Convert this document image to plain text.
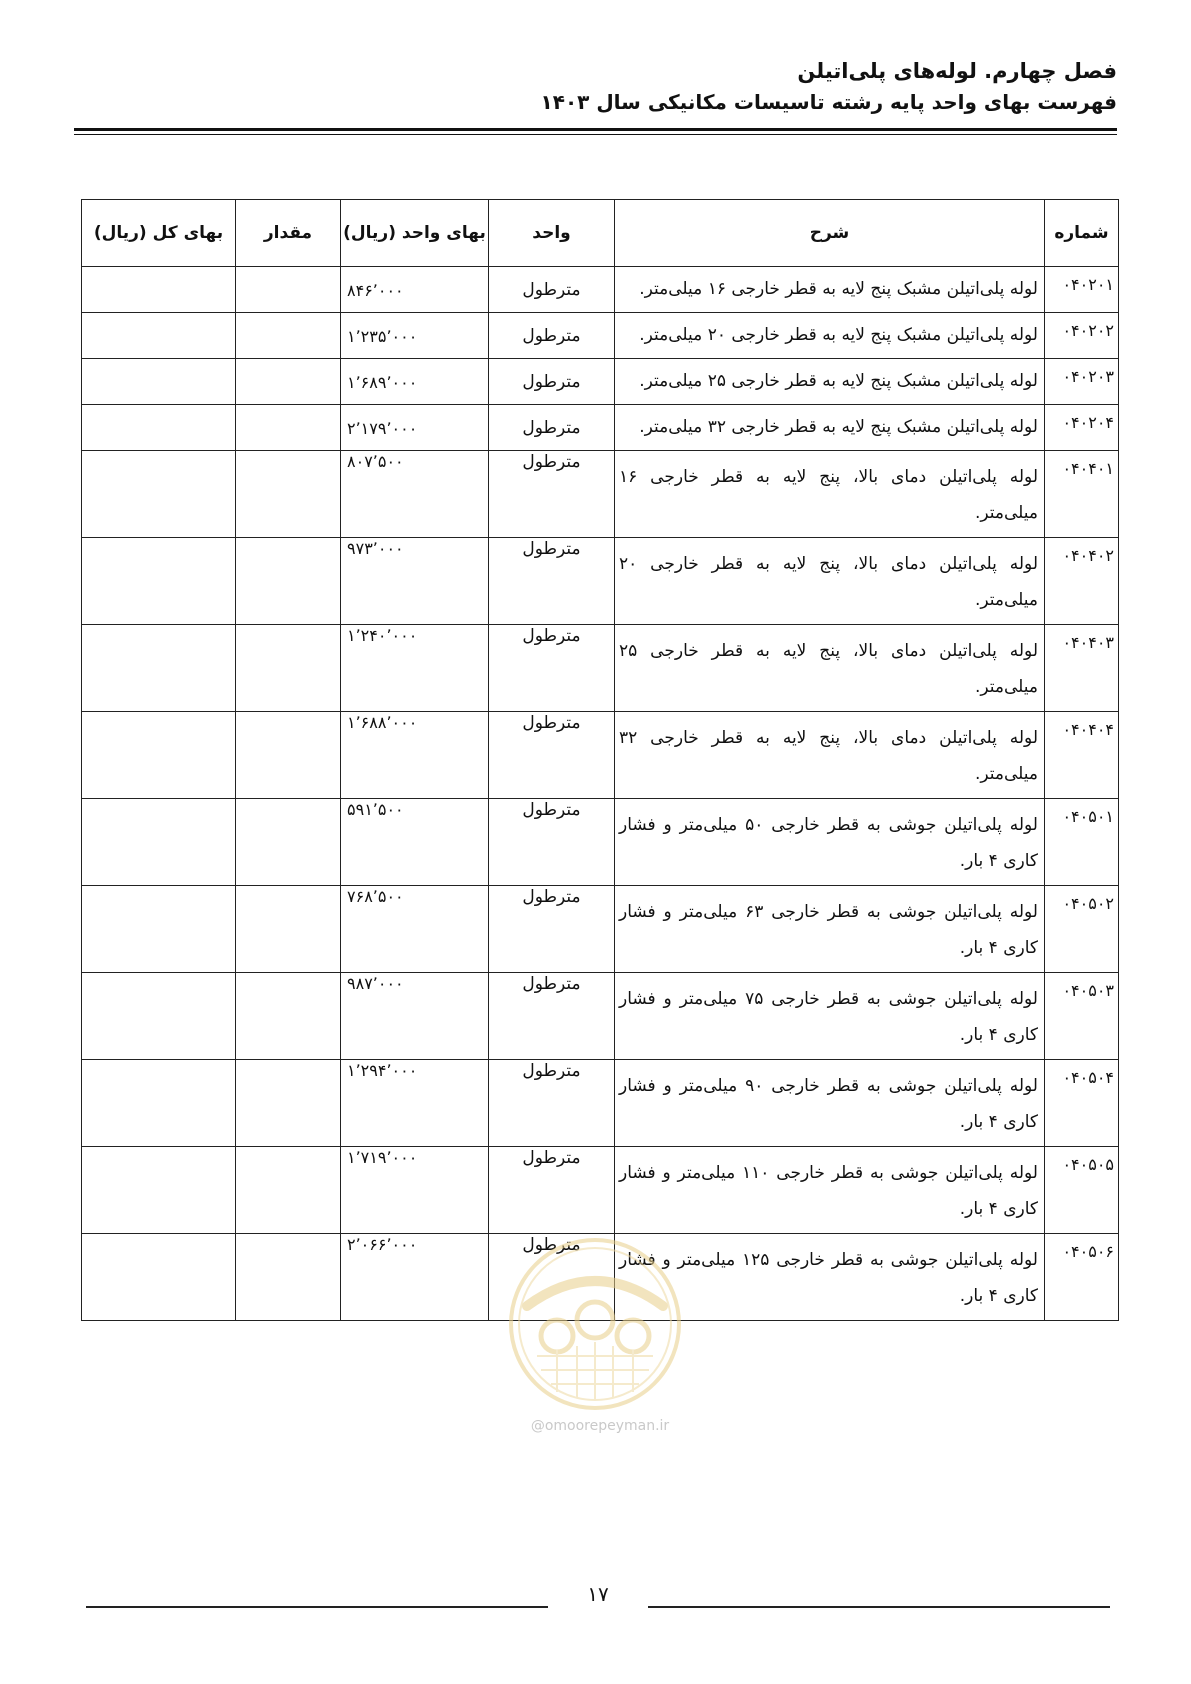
فصل چهارم. لوله‌های پلی‌اتیلن
فهرست بهای واحد پایه رشته تاسیسات مکانیکی سال ۱۴۰۳
شماره	شرح	واحد	بهای واحد (ریال)	مقدار	بهای کل (ریال)
۰۴۰۲۰۱	لوله پلی‌اتیلن مشبک پنج لایه به قطر خارجی ۱۶ میلی‌متر.	مترطول	۸۴۶٬۰۰۰		
۰۴۰۲۰۲	لوله پلی‌اتیلن مشبک پنج لایه به قطر خارجی ۲۰ میلی‌متر.	مترطول	۱٬۲۳۵٬۰۰۰		
۰۴۰۲۰۳	لوله پلی‌اتیلن مشبک پنج لایه به قطر خارجی ۲۵ میلی‌متر.	مترطول	۱٬۶۸۹٬۰۰۰		
۰۴۰۲۰۴	لوله پلی‌اتیلن مشبک پنج لایه به قطر خارجی ۳۲ میلی‌متر.	مترطول	۲٬۱۷۹٬۰۰۰		
۰۴۰۴۰۱	لوله پلی‌اتیلن دمای بالا، پنج لایه به قطر خارجی ۱۶ میلی‌متر.	مترطول	۸۰۷٬۵۰۰		
۰۴۰۴۰۲	لوله پلی‌اتیلن دمای بالا، پنج لایه به قطر خارجی ۲۰ میلی‌متر.	مترطول	۹۷۳٬۰۰۰		
۰۴۰۴۰۳	لوله پلی‌اتیلن دمای بالا، پنج لایه به قطر خارجی ۲۵ میلی‌متر.	مترطول	۱٬۲۴۰٬۰۰۰		
۰۴۰۴۰۴	لوله پلی‌اتیلن دمای بالا، پنج لایه به قطر خارجی ۳۲ میلی‌متر.	مترطول	۱٬۶۸۸٬۰۰۰		
۰۴۰۵۰۱	لوله پلی‌اتیلن جوشی به قطر خارجی ۵۰ میلی‌متر و فشار کاری ۴ بار.	مترطول	۵۹۱٬۵۰۰		
۰۴۰۵۰۲	لوله پلی‌اتیلن جوشی به قطر خارجی ۶۳ میلی‌متر و فشار کاری ۴ بار.	مترطول	۷۶۸٬۵۰۰		
۰۴۰۵۰۳	لوله پلی‌اتیلن جوشی به قطر خارجی ۷۵ میلی‌متر و فشار کاری ۴ بار.	مترطول	۹۸۷٬۰۰۰		
۰۴۰۵۰۴	لوله پلی‌اتیلن جوشی به قطر خارجی ۹۰ میلی‌متر و فشار کاری ۴ بار.	مترطول	۱٬۲۹۴٬۰۰۰		
۰۴۰۵۰۵	لوله پلی‌اتیلن جوشی به قطر خارجی ۱۱۰ میلی‌متر و فشار کاری ۴ بار.	مترطول	۱٬۷۱۹٬۰۰۰		
۰۴۰۵۰۶	لوله پلی‌اتیلن جوشی به قطر خارجی ۱۲۵ میلی‌متر و فشار کاری ۴ بار.	مترطول	۲٬۰۶۶٬۰۰۰		
@omoorepeyman.ir
۱۷
